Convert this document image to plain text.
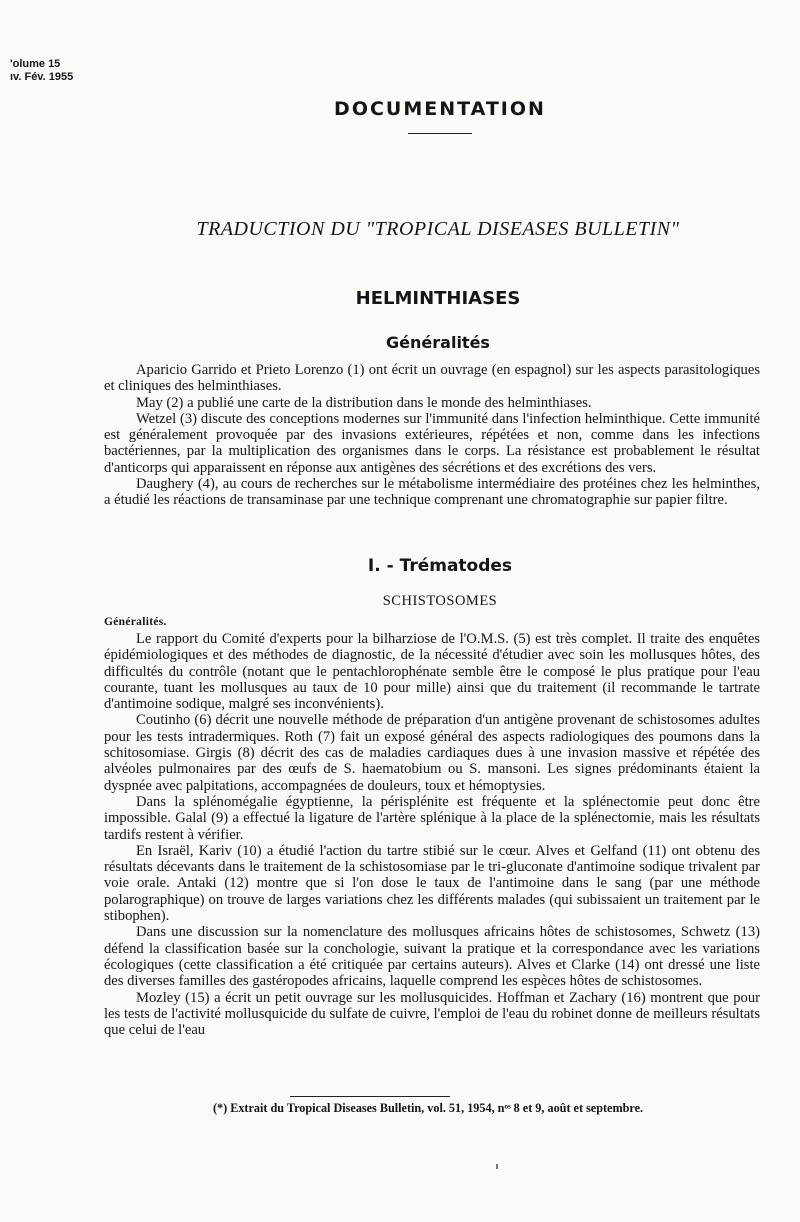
'olume 15
ıv. Fév. 1955
DOCUMENTATION
TRADUCTION DU "TROPICAL DISEASES BULLETIN"
HELMINTHIASES
Généralités

Aparicio Garrido et Prieto Lorenzo (1) ont écrit un ouvrage (en espagnol) sur les aspects parasitologiques et cliniques des helminthiases.

May (2) a publié une carte de la distribution dans le monde des helminthiases.

Wetzel (3) discute des conceptions modernes sur l'immunité dans l'infection helminthique. Cette immunité est généralement provoquée par des invasions extérieures, répétées et non, comme dans les infections bactériennes, par la multiplication des organismes dans le corps. La résistance est probablement le résultat d'anticorps qui apparaissent en réponse aux antigènes des sécrétions et des excrétions des vers.

Daughery (4), au cours de recherches sur le métabolisme intermédiaire des protéines chez les helminthes, a étudié les réactions de transaminase par une technique comprenant une chromatographie sur papier filtre.

I. - Trématodes
SCHISTOSOMES
Généralités.

Le rapport du Comité d'experts pour la bilharziose de l'O.M.S. (5) est très complet. Il traite des enquêtes épidémiologiques et des méthodes de diagnostic, de la nécessité d'étudier avec soin les mollusques hôtes, des difficultés du contrôle (notant que le pentachlorophénate semble être le composé le plus pratique pour l'eau courante, tuant les mollusques au taux de 10 pour mille) ainsi que du traitement (il recommande le tartrate d'antimoine sodique, malgré ses inconvénients).

Coutinho (6) décrit une nouvelle méthode de préparation d'un antigène provenant de schistosomes adultes pour les tests intradermiques. Roth (7) fait un exposé général des aspects radiologiques des poumons dans la schitosomiase. Girgis (8) décrit des cas de maladies cardiaques dues à une invasion massive et répétée des alvéoles pulmonaires par des œufs de S. haematobium ou S. mansoni. Les signes prédominants étaient la dyspnée avec palpitations, accompagnées de douleurs, toux et hémoptysies.

Dans la splénomégalie égyptienne, la périsplénite est fréquente et la splénectomie peut donc être impossible. Galal (9) a effectué la ligature de l'artère splénique à la place de la splénectomie, mais les résultats tardifs restent à vérifier.

En Israël, Kariv (10) a étudié l'action du tartre stibié sur le cœur. Alves et Gelfand (11) ont obtenu des résultats décevants dans le traitement de la schistosomiase par le tri-gluconate d'antimoine sodique trivalent par voie orale. Antaki (12) montre que si l'on dose le taux de l'antimoine dans le sang (par une méthode polarographique) on trouve de larges variations chez les différents malades (qui subissaient un traitement par le stibophen).

Dans une discussion sur la nomenclature des mollusques africains hôtes de schistosomes, Schwetz (13) défend la classification basée sur la conchologie, suivant la pratique et la correspondance avec les variations écologiques (cette classification a été critiquée par certains auteurs). Alves et Clarke (14) ont dressé une liste des diverses familles des gastéropodes africains, laquelle comprend les espèces hôtes de schistosomes.

Mozley (15) a écrit un petit ouvrage sur les mollusquicides. Hoffman et Zachary (16) montrent que pour les tests de l'activité mollusquicide du sulfate de cuivre, l'emploi de l'eau du robinet donne de meilleurs résultats que celui de l'eau

(*) Extrait du Tropical Diseases Bulletin, vol. 51, 1954, nᵒˢ 8 et 9, août et septembre.
